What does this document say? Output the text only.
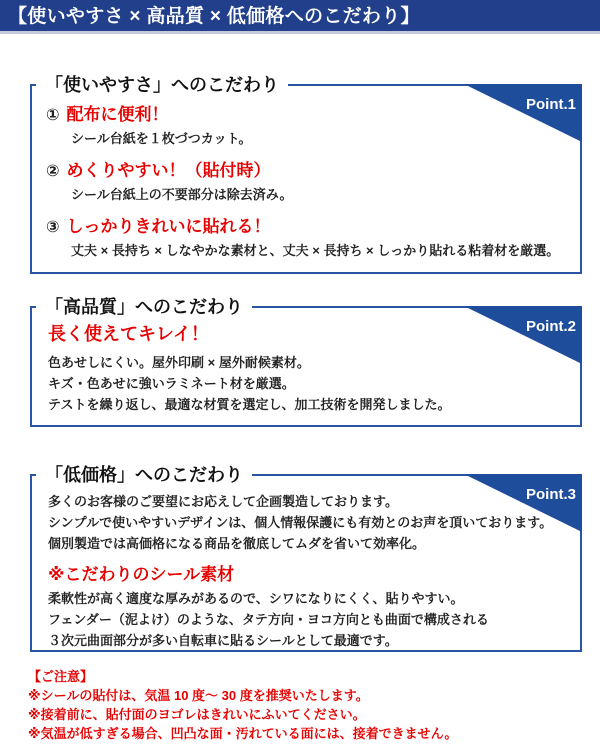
【使いやすさ × 高品質 × 低価格へのこだわり】
「使いやすさ」へのこだわり
Point.1
① 配布に便利！
シール台紙を１枚づつカット。
② めくりやすい！（貼付時）
シール台紙上の不要部分は除去済み。
③ しっかりきれいに貼れる！
丈夫 × 長持ち × しなやかな素材と、丈夫 × 長持ち × しっかり貼れる粘着材を厳選。
「高品質」へのこだわり
Point.2
長く使えてキレイ！
色あせしにくい。屋外印刷 × 屋外耐候素材。
キズ・色あせに強いラミネート材を厳選。
テストを繰り返し、最適な材質を選定し、加工技術を開発しました。
「低価格」へのこだわり
Point.3
多くのお客様のご要望にお応えして企画製造しております。
シンプルで使いやすいデザインは、個人情報保護にも有効とのお声を頂いております。
個別製造では高価格になる商品を徹底してムダを省いて効率化。
※こだわりのシール素材
柔軟性が高く適度な厚みがあるので、シワになりにくく、貼りやすい。
フェンダー（泥よけ）のような、タテ方向・ヨコ方向とも曲面で構成される
３次元曲面部分が多い自転車に貼るシールとして最適です。
【ご注意】
※シールの貼付は、気温 10 度～ 30 度を推奨いたします。
※接着前に、貼付面のヨゴレはきれいにふいてください。
※気温が低すぎる場合、凹凸な面・汚れている面には、接着できません。
